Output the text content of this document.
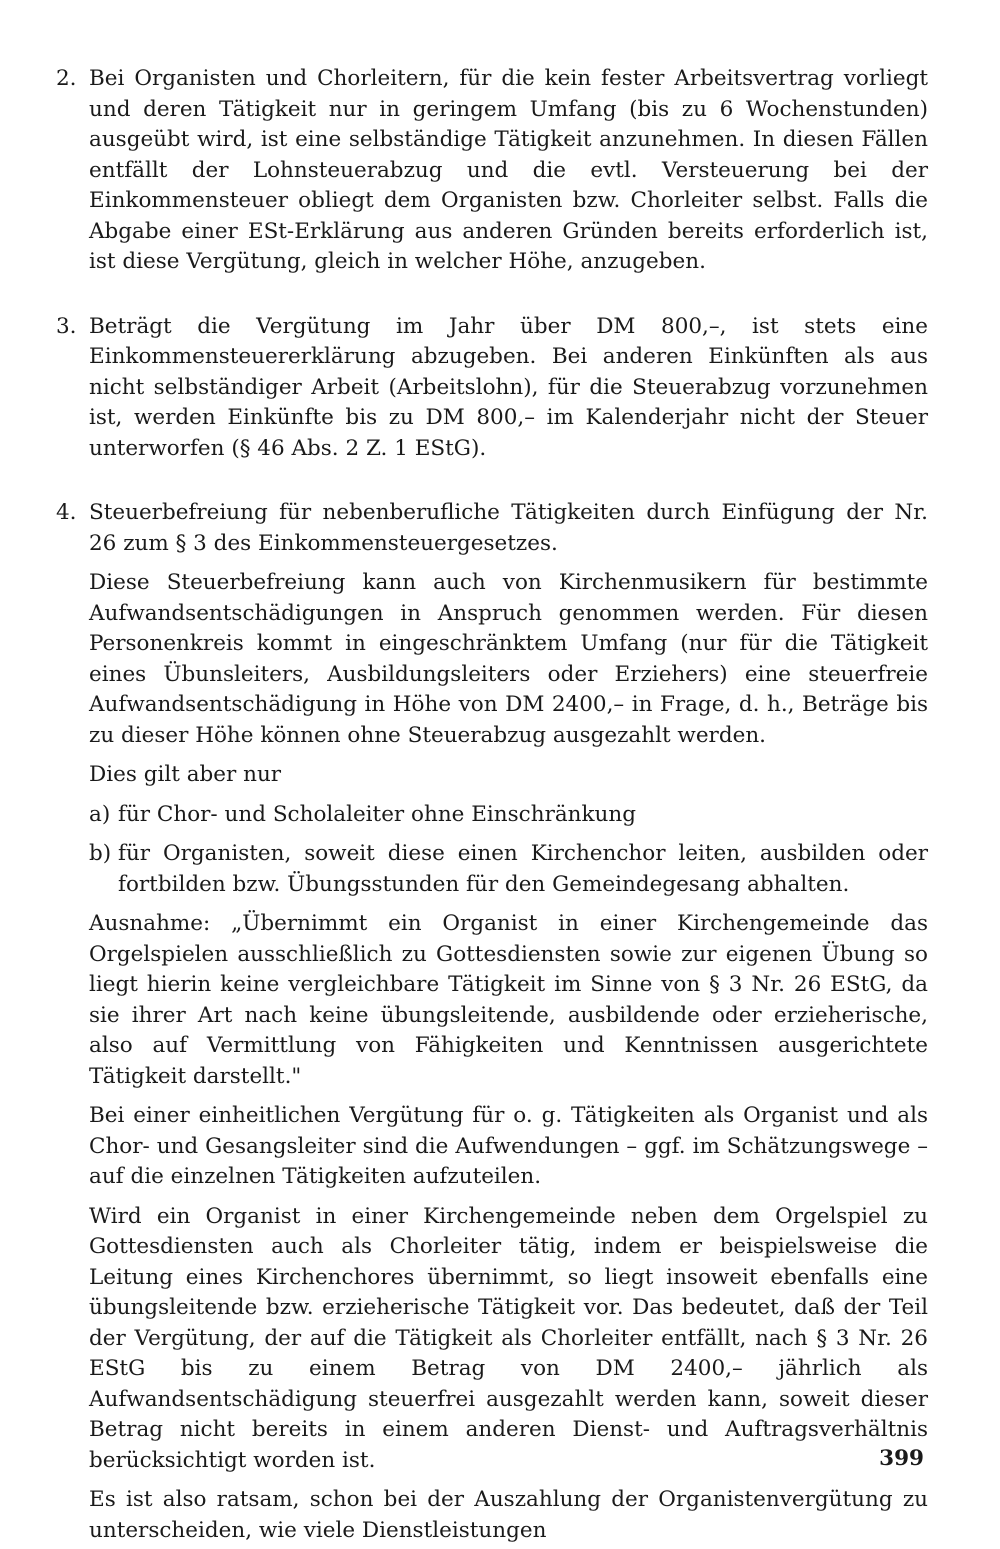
2. Bei Organisten und Chorleitern, für die kein fester Arbeitsvertrag vorliegt und deren Tätigkeit nur in geringem Umfang (bis zu 6 Wochenstunden) ausgeübt wird, ist eine selbständige Tätigkeit anzunehmen. In diesen Fällen entfällt der Lohnsteuerabzug und die evtl. Versteuerung bei der Einkommensteuer obliegt dem Organisten bzw. Chorleiter selbst. Falls die Abgabe einer ESt-Erklärung aus anderen Gründen bereits erforderlich ist, ist diese Vergütung, gleich in welcher Höhe, anzugeben.
3. Beträgt die Vergütung im Jahr über DM 800,–, ist stets eine Einkommensteuererklärung abzugeben. Bei anderen Einkünften als aus nicht selbständiger Arbeit (Arbeitslohn), für die Steuerabzug vorzunehmen ist, werden Einkünfte bis zu DM 800,– im Kalenderjahr nicht der Steuer unterworfen (§ 46 Abs. 2 Z. 1 EStG).
4. Steuerbefreiung für nebenberufliche Tätigkeiten durch Einfügung der Nr. 26 zum § 3 des Einkommensteuergesetzes.

Diese Steuerbefreiung kann auch von Kirchenmusikern für bestimmte Aufwandsentschädigungen in Anspruch genommen werden. Für diesen Personenkreis kommt in eingeschränktem Umfang (nur für die Tätigkeit eines Übunsleiters, Ausbildungsleiters oder Erziehers) eine steuerfreie Aufwandsentschädigung in Höhe von DM 2400,– in Frage, d. h., Beträge bis zu dieser Höhe können ohne Steuerabzug ausgezahlt werden.

Dies gilt aber nur

a) für Chor- und Scholaleiter ohne Einschränkung
b) für Organisten, soweit diese einen Kirchenchor leiten, ausbilden oder fortbilden bzw. Übungsstunden für den Gemeindegesang abhalten.

Ausnahme: „Übernimmt ein Organist in einer Kirchengemeinde das Orgelspielen ausschließlich zu Gottesdiensten sowie zur eigenen Übung so liegt hierin keine vergleichbare Tätigkeit im Sinne von § 3 Nr. 26 EStG, da sie ihrer Art nach keine übungsleitende, ausbildende oder erzieherische, also auf Vermittlung von Fähigkeiten und Kenntnissen ausgerichtete Tätigkeit darstellt."

Bei einer einheitlichen Vergütung für o. g. Tätigkeiten als Organist und als Chor- und Gesangsleiter sind die Aufwendungen – ggf. im Schätzungswege – auf die einzelnen Tätigkeiten aufzuteilen.

Wird ein Organist in einer Kirchengemeinde neben dem Orgelspiel zu Gottesdiensten auch als Chorleiter tätig, indem er beispielsweise die Leitung eines Kirchenchores übernimmt, so liegt insoweit ebenfalls eine übungsleitende bzw. erzieherische Tätigkeit vor. Das bedeutet, daß der Teil der Vergütung, der auf die Tätigkeit als Chorleiter entfällt, nach § 3 Nr. 26 EStG bis zu einem Betrag von DM 2400,– jährlich als Aufwandsentschädigung steuerfrei ausgezahlt werden kann, soweit dieser Betrag nicht bereits in einem anderen Dienst- und Auftragsverhältnis berücksichtigt worden ist.

Es ist also ratsam, schon bei der Auszahlung der Organistenvergütung zu unterscheiden, wie viele Dienstleistungen

399
